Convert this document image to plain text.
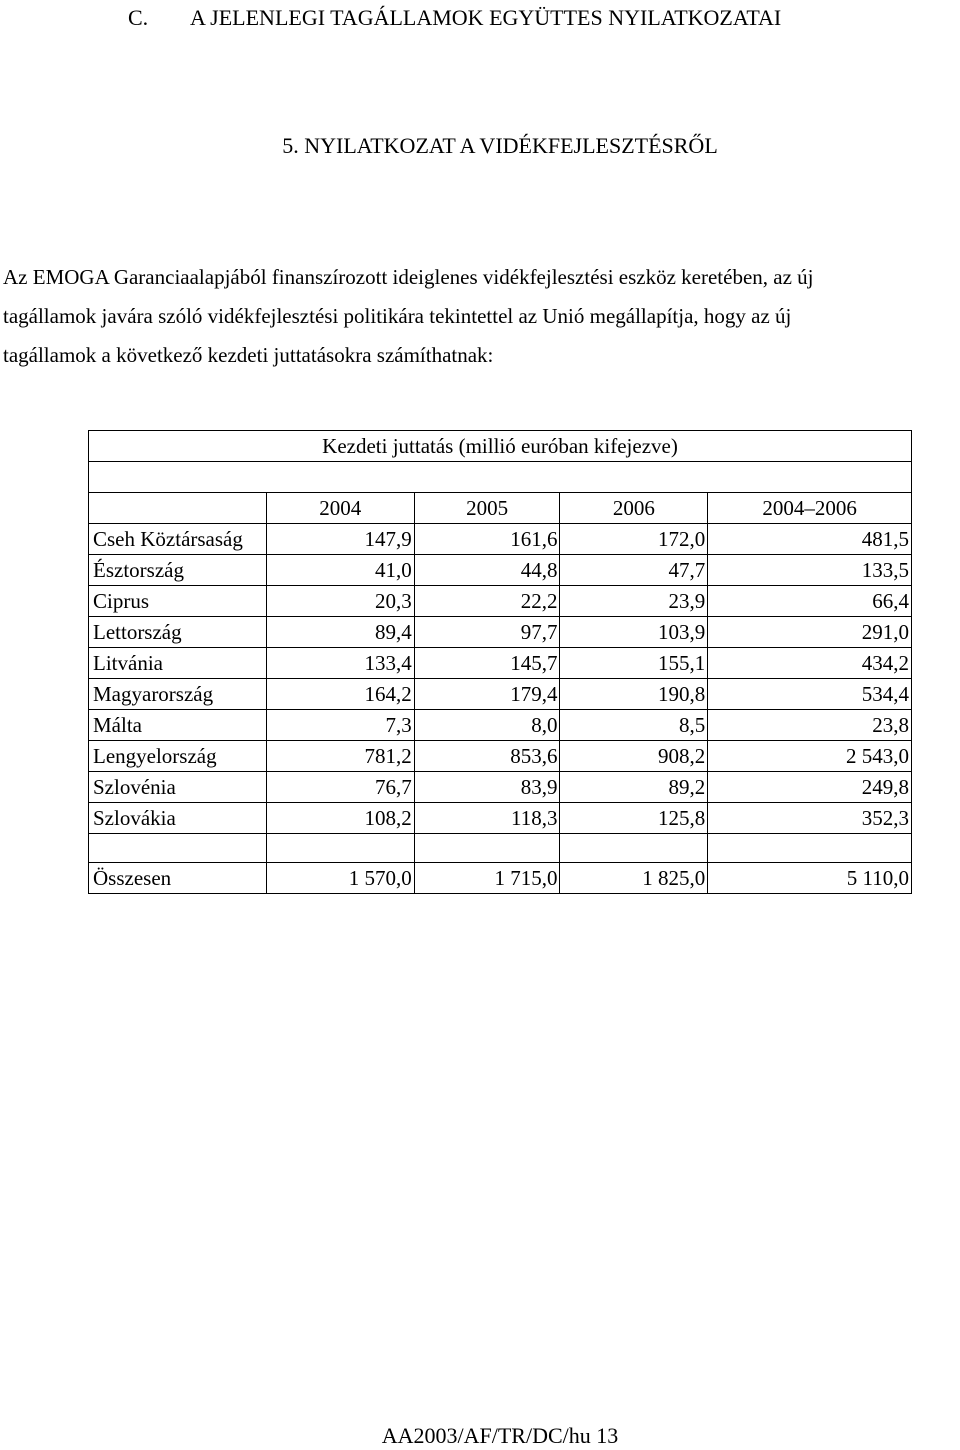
C. A JELENLEGI TAGÁLLAMOK EGYÜTTES NYILATKOZATAI
5. NYILATKOZAT A VIDÉKFEJLESZTÉSRŐL
Az EMOGA Garanciaalapjából finanszírozott ideiglenes vidékfejlesztési eszköz keretében, az új
tagállamok javára szóló vidékfejlesztési politikára tekintettel az Unió megállapítja, hogy az új
tagállamok a következő kezdeti juttatásokra számíthatnak:
Kezdeti juttatás (millió euróban kifejezve)				

	2004	2005	2006	2004–2006
Cseh Köztársaság	147,9	161,6	172,0	481,5
Észtország	41,0	44,8	47,7	133,5
Ciprus	20,3	22,2	23,9	66,4
Lettország	89,4	97,7	103,9	291,0
Litvánia	133,4	145,7	155,1	434,2
Magyarország	164,2	179,4	190,8	534,4
Málta	7,3	8,0	8,5	23,8
Lengyelország	781,2	853,6	908,2	2 543,0
Szlovénia	76,7	83,9	89,2	249,8
Szlovákia	108,2	118,3	125,8	352,3

Összesen	1 570,0	1 715,0	1 825,0	5 110,0
AA2003/AF/TR/DC/hu 13
